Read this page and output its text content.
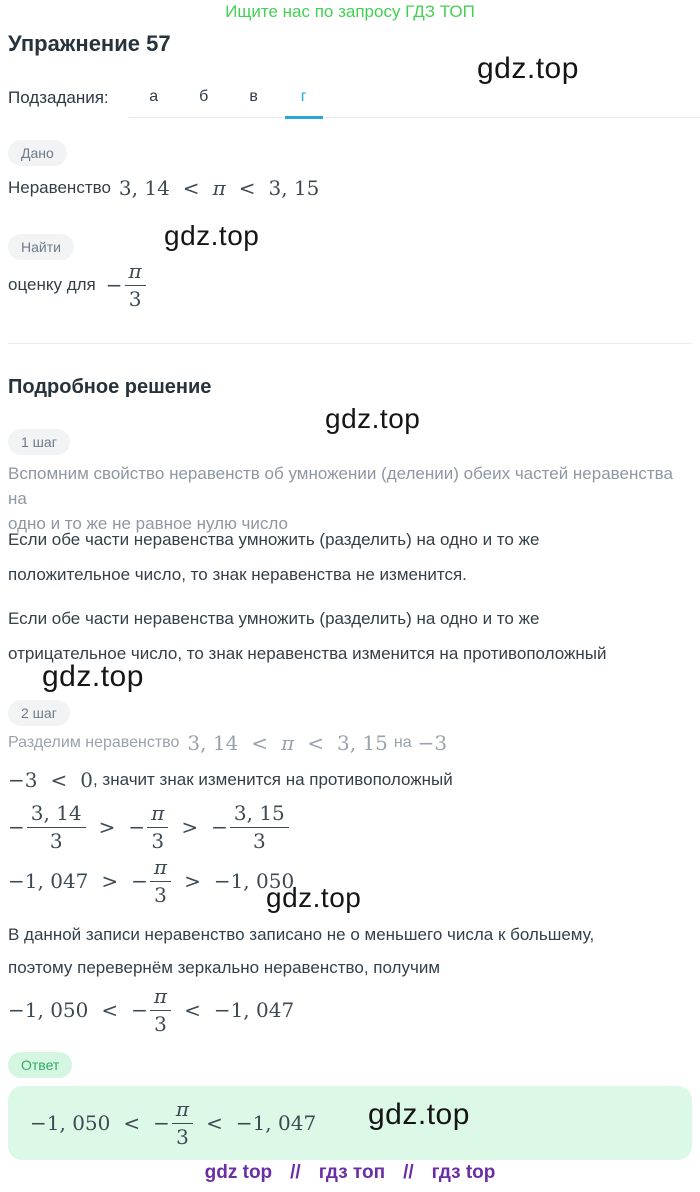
Ищите нас по запросу ГДЗ ТОП
Упражнение 57
gdz.top
Подзадания:	а	б	в	г
Дано
Неравенство 3, 14 < π < 3, 15
gdz.top
Найти
оценку для − $\frac{\pi}{3}$
Подробное решение
gdz.top
1 шаг
Вспомним свойство неравенств об умножении (делении) обеих частей неравенства на
одно и то же не равное нулю число
Если обе части неравенства умножить (разделить) на одно и то же
положительное число, то знак неравенства не изменится.
Если обе части неравенства умножить (разделить) на одно и то же
отрицательное число, то знак неравенства изменится на противоположный
gdz.top
2 шаг
Разделим неравенство 3, 14 < π < 3, 15 на −3
−3 < 0 , значит знак изменится на противоположный
− $\frac{3, 14}{3}$ > − $\frac{\pi}{3}$ > − $\frac{3, 15}{3}$
−1, 047 > − $\frac{\pi}{3} > -1$, 050
gdz.top
В данной записи неравенство записано не о меньшего числа к большему,
поэтому перевернём зеркально неравенство, получим
−1, 050 < − $\frac{\pi}{3} < -1$, 047
Ответ
−1, 050 < − $\frac{\pi}{3} < -1$, 047 gdz.top
gdz top // гдз топ // гдз top
